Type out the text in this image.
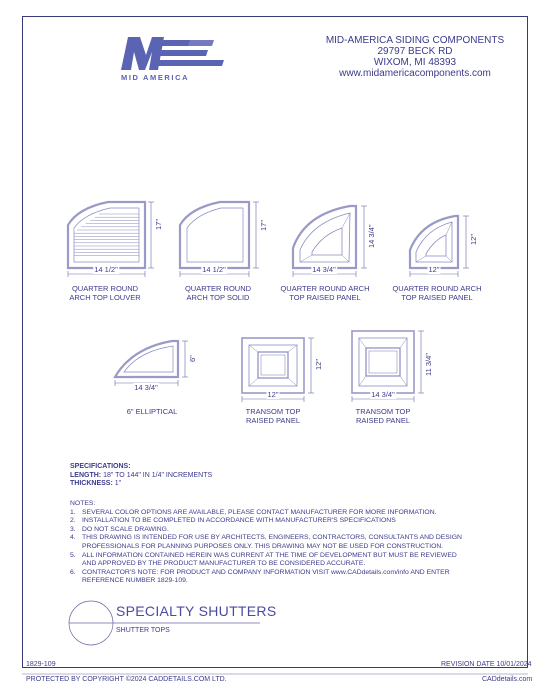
MID AMERICA
MID-AMERICA SIDING COMPONENTS
29797 BECK RD
WIXOM, MI 48393
www.midamericacomponents.com
14 1/2"
17"
14 1/2"
17"
14 3/4"
14 3/4"
12"
12"
14 3/4"
6"
12"
12"
14 3/4"
11 3/4"
QUARTER ROUND
ARCH TOP LOUVER
QUARTER ROUND
ARCH TOP SOLID
QUARTER ROUND ARCH
TOP RAISED PANEL
QUARTER ROUND ARCH
TOP RAISED PANEL
6" ELLIPTICAL	TRANSOM TOP
RAISED PANEL
TRANSOM TOP
RAISED PANEL
SPECIFICATIONS:
LENGTH: 18" TO 144" IN 1/4" INCREMENTS
THICKNESS: 1"
NOTES:
1. SEVERAL COLOR OPTIONS ARE AVAILABLE, PLEASE CONTACT MANUFACTURER FOR MORE INFORMATION.
2. INSTALLATION TO BE COMPLETED IN ACCORDANCE WITH MANUFACTURER'S SPECIFICATIONS
3. DO NOT SCALE DRAWING.
4. THIS DRAWING IS INTENDED FOR USE BY ARCHITECTS, ENGINEERS, CONTRACTORS, CONSULTANTS AND DESIGN
PROFESSIONALS FOR PLANNING PURPOSES ONLY. THIS DRAWING MAY NOT BE USED FOR CONSTRUCTION.
5. ALL INFORMATION CONTAINED HEREIN WAS CURRENT AT THE TIME OF DEVELOPMENT BUT MUST BE REVIEWED
AND APPROVED BY THE PRODUCT MANUFACTURER TO BE CONSIDERED ACCURATE.
6. CONTRACTOR'S NOTE: FOR PRODUCT AND COMPANY INFORMATION VISIT www.CADdetails.com/info AND ENTER
REFERENCE NUMBER 1829-109.
SPECIALTY SHUTTERS
SHUTTER TOPS
1829-109	REVISION DATE 10/01/2024
PROTECTED BY COPYRIGHT ©2024 CADDETAILS.COM LTD.	CADdetails.com
